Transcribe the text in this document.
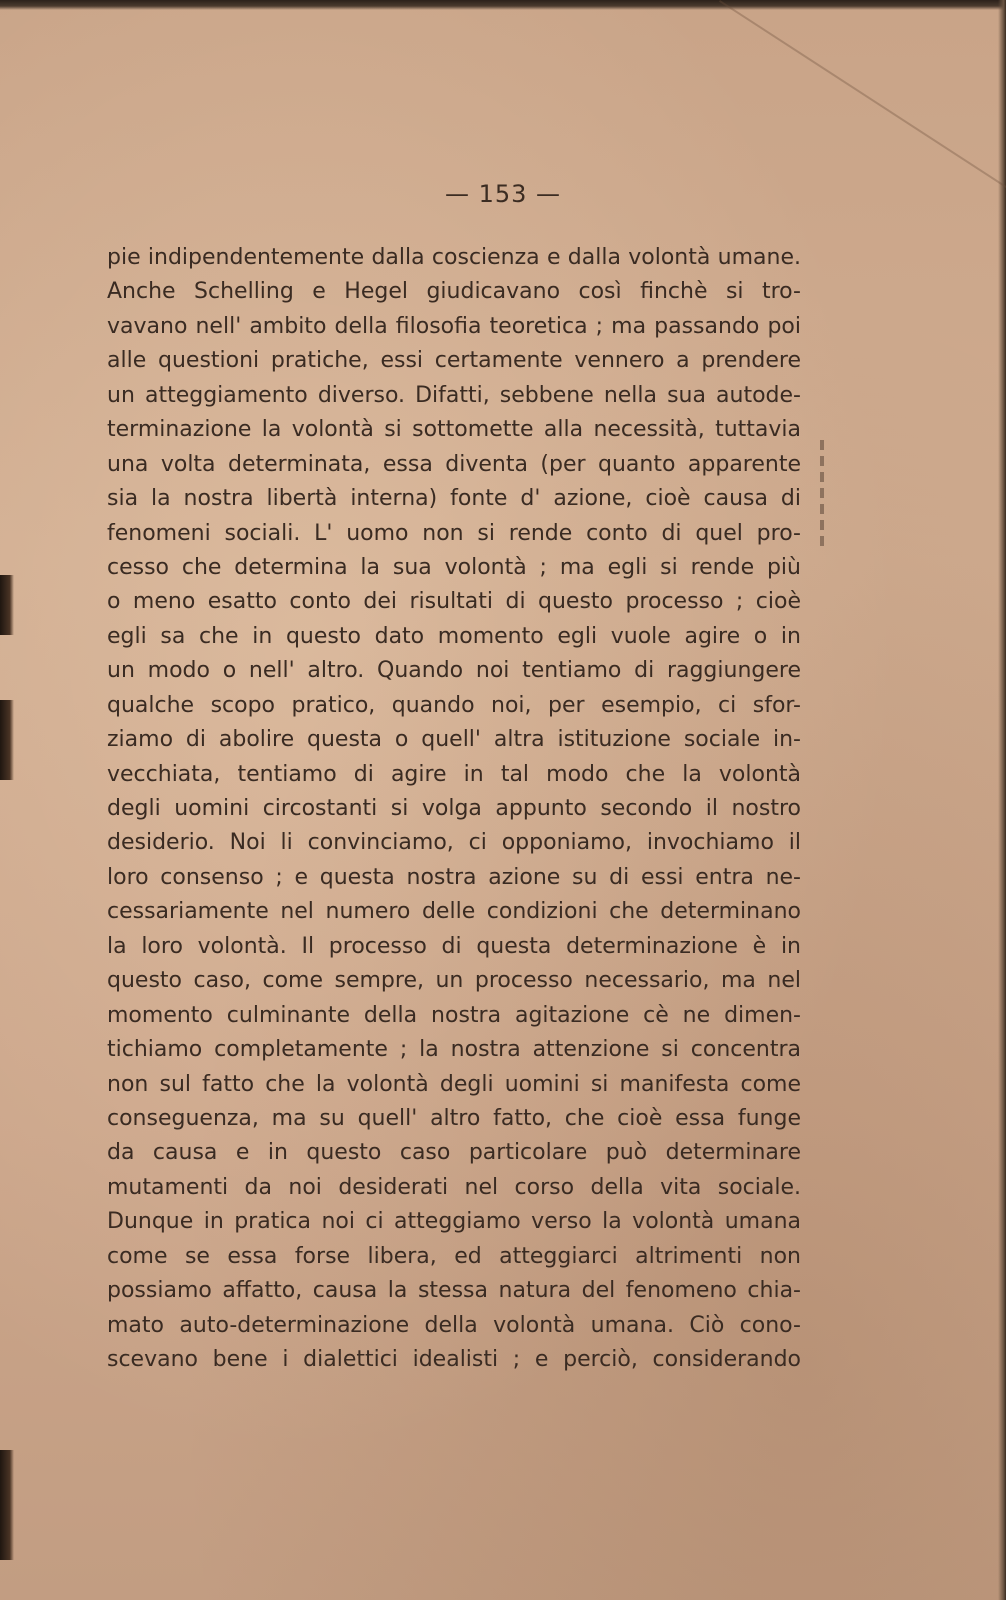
— 153 —
pie indipendentemente dalla coscienza e dalla volontà umane.
Anche Schelling e Hegel giudicavano così finchè si tro-
vavano nell' ambito della filosofia teoretica ; ma passando poi
alle questioni pratiche, essi certamente vennero a prendere
un atteggiamento diverso. Difatti, sebbene nella sua autode-
terminazione la volontà si sottomette alla necessità, tuttavia
una volta determinata, essa diventa (per quanto apparente
sia la nostra libertà interna) fonte d' azione, cioè causa di
fenomeni sociali. L' uomo non si rende conto di quel pro-
cesso che determina la sua volontà ; ma egli si rende più
o meno esatto conto dei risultati di questo processo ; cioè
egli sa che in questo dato momento egli vuole agire o in
un modo o nell' altro. Quando noi tentiamo di raggiungere
qualche scopo pratico, quando noi, per esempio, ci sfor-
ziamo di abolire questa o quell' altra istituzione sociale in-
vecchiata, tentiamo di agire in tal modo che la volontà
degli uomini circostanti si volga appunto secondo il nostro
desiderio. Noi li convinciamo, ci opponiamo, invochiamo il
loro consenso ; e questa nostra azione su di essi entra ne-
cessariamente nel numero delle condizioni che determinano
la loro volontà. Il processo di questa determinazione è in
questo caso, come sempre, un processo necessario, ma nel
momento culminante della nostra agitazione cè ne dimen-
tichiamo completamente ; la nostra attenzione si concentra
non sul fatto che la volontà degli uomini si manifesta come
conseguenza, ma su quell' altro fatto, che cioè essa funge
da causa e in questo caso particolare può determinare
mutamenti da noi desiderati nel corso della vita sociale.
Dunque in pratica noi ci atteggiamo verso la volontà umana
come se essa forse libera, ed atteggiarci altrimenti non
possiamo affatto, causa la stessa natura del fenomeno chia-
mato auto-determinazione della volontà umana. Ciò cono-
scevano bene i dialettici idealisti ; e perciò, considerando
